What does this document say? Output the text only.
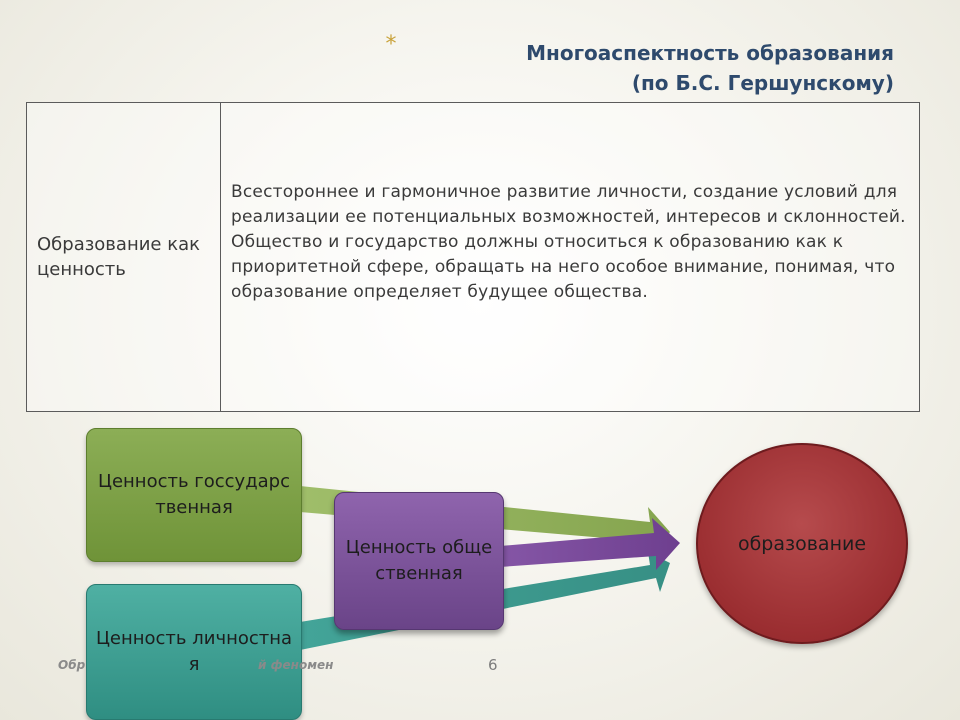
*	Многоаспектность образования
(по Б.С. Гершунскому)
Образование как ценность	Всестороннее и гармоничное развитие личности, создание условий для реализации ее потенциальных возможностей, интересов и склонностей. Общество и государство должны относиться к образованию как к приоритетной сфере, обращать на него особое внимание, понимая, что образование определяет будущее общества.
Ценность госсударственная
Ценность личностная
Ценность общественная
образование
Обр	й феномен	6
